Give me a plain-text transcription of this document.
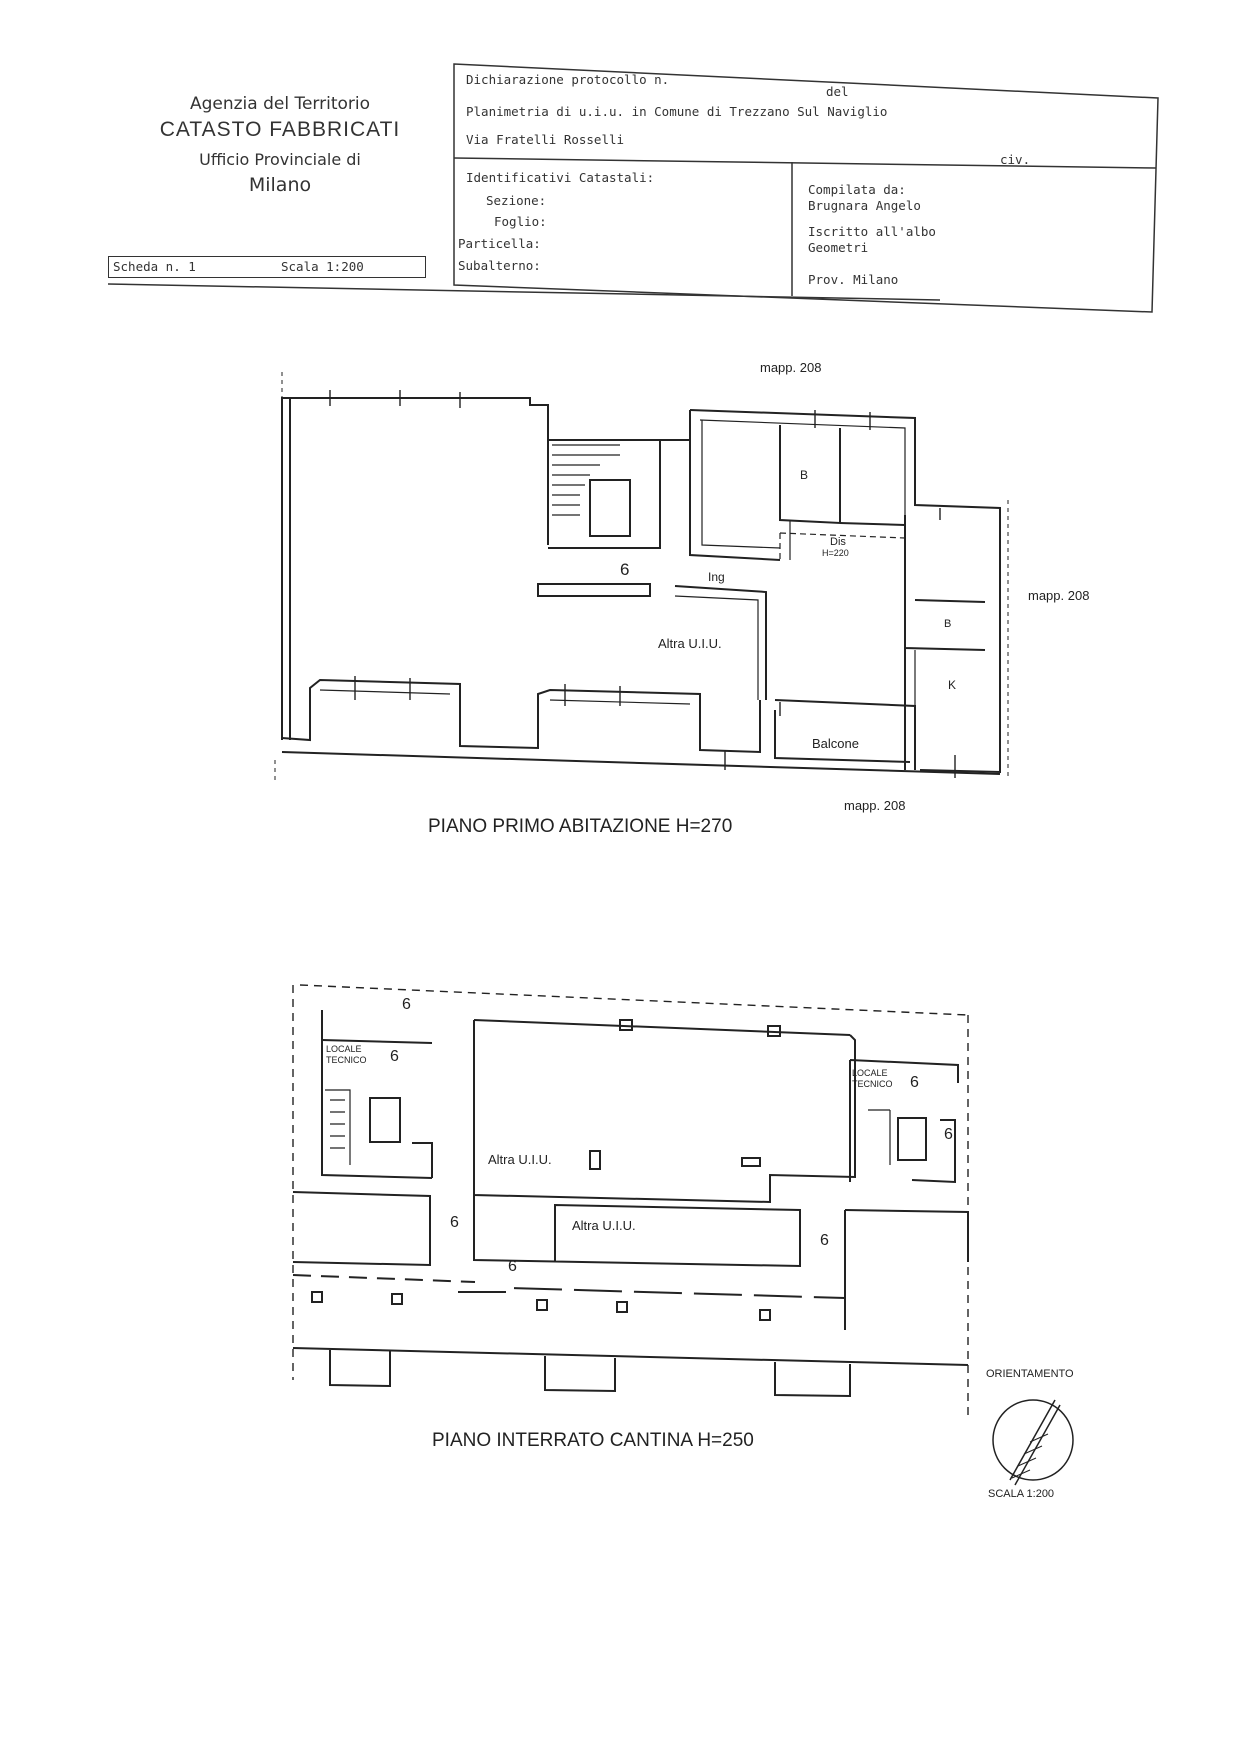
Agenzia del Territorio
CATASTO FABBRICATI
Ufficio Provinciale di
Milano
Scheda n. 1	Scala 1:200
Dichiarazione protocollo n.
del
Planimetria di u.i.u. in Comune di Trezzano Sul Naviglio
Via Fratelli Rosselli
civ.
Identificativi Catastali:
Sezione:
Foglio:
Particella:
Subalterno:
Compilata da:
Brugnara Angelo
Iscritto all'albo
Geometri
Prov. Milano
mapp. 208
mapp. 208
mapp. 208
B
Dis
H=220
B
K
Balcone
Altra U.I.U.
6	Ing
PIANO PRIMO ABITAZIONE H=270
6
LOCALE
TECNICO 6
LOCALE
TECNICO 6
6
Altra U.I.U.
Altra U.I.U.
6
6
6
PIANO INTERRATO CANTINA H=250
ORIENTAMENTO
SCALA 1:200
